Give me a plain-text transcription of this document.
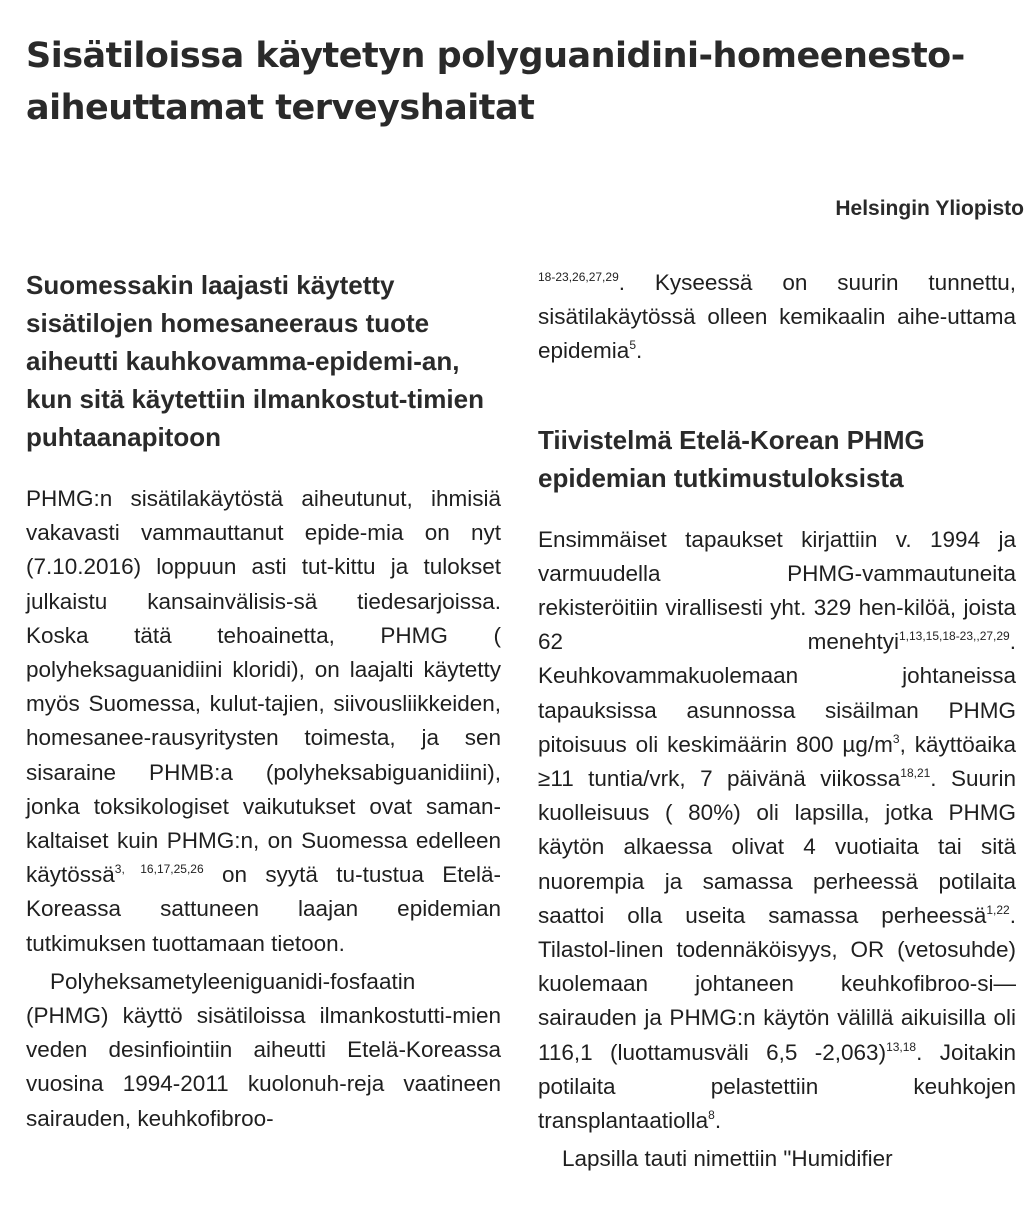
Sisätiloissa käytetyn polyguanidini-homeenesto-aiheuttamat terveyshaitat
Helsingin Yliopisto
Suomessakin laajasti käytetty sisätilojen homesaneeraus tuote aiheutti kauhkovamma-epidemi-an, kun sitä käytettiin ilmankostut-timien puhtaanapitoon

PHMG:n sisätilakäytöstä aiheutunut, ihmisiä vakavasti vammauttanut epide-mia on nyt (7.10.2016) loppuun asti tut-kittu ja tulokset julkaistu kansainvälisis-sä tiedesarjoissa. Koska tätä tehoainetta, PHMG ( polyheksaguanidiini kloridi), on laajalti käytetty myös Suomessa, kulut-tajien, siivousliikkeiden, homesanee-rausyritysten toimesta, ja sen sisaraine PHMB:a (polyheksabiguanidiini), jonka toksikologiset vaikutukset ovat saman-kaltaiset kuin PHMG:n, on Suomessa edelleen käytössä$^{3, 16,17,25,26}$ on syytä tu-tustua Etelä-Koreassa sattuneen laajan epidemian tutkimuksen tuottamaan tietoon.

Polyheksametyleeniguanidi-fosfaatin (PHMG) käyttö sisätiloissa ilmankostutti-mien veden desinfiointiin aiheutti Etelä-Koreassa vuosina 1994-2011 kuolonuh-reja vaatineen sairauden, keuhkofibroo-

$^{18-23,26,27,29}$. Kyseessä on suurin tunnettu, sisätilakäytössä olleen kemikaalin aihe-uttama epidemia$^5$.

Tiivistelmä Etelä-Korean PHMG epidemian tutkimustuloksista

Ensimmäiset tapaukset kirjattiin v. 1994 ja varmuudella PHMG-vammautuneita rekisteröitiin virallisesti yht. 329 hen-kilöä, joista 62 menehtyi$^{1,13,15,18-23,,27,29}$. Keuhkovammakuolemaan johtaneissa tapauksissa asunnossa sisäilman PHMG pitoisuus oli keskimäärin 800 $\mu g/m^3$, käyttöaika ≥11 tuntia/vrk, 7 päivänä viikossa$^{18,21}$. Suurin kuolleisuus ( 80%) oli lapsilla, jotka PHMG käytön alkaessa olivat 4 vuotiaita tai sitä nuorempia ja samassa perheessä potilaita saattoi olla useita samassa perheessä$^{1,22}$. Tilastol-linen todennäköisyys, OR (vetosuhde) kuolemaan johtaneen keuhkofibroo-si—sairauden ja PHMG:n käytön välillä aikuisilla oli 116,1 (luottamusväli 6,5 -2,063)$^{13,18}$. Joitakin potilaita pelastettiin keuhkojen transplantaatiolla$^8$.

Lapsilla tauti nimettiin "Humidifier
